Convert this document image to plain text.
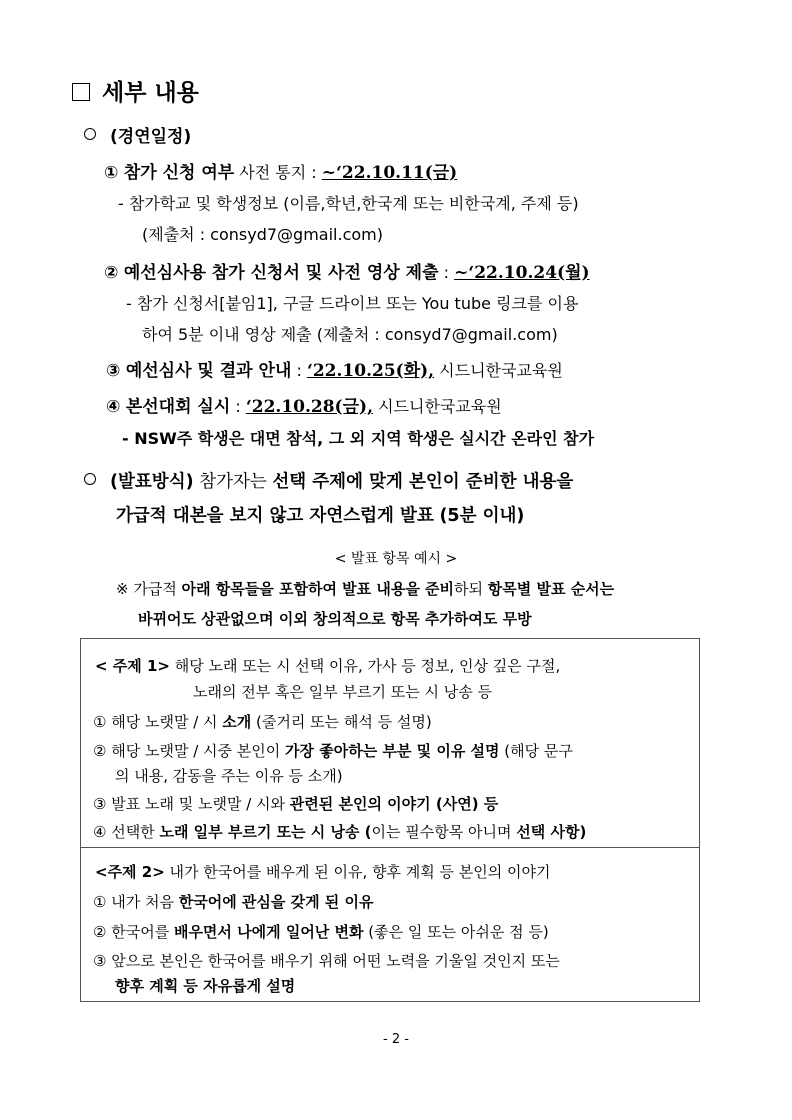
세부 내용
(경연일정)
① 참가 신청 여부 사전 통지 : ~‘22.10.11(금)
- 참가학교 및 학생정보 (이름,학년,한국계 또는 비한국계, 주제 등)
(제출처 : consyd7@gmail.com)
② 예선심사용 참가 신청서 및 사전 영상 제출 : ~‘22.10.24(월)
- 참가 신청서[붙임1], 구글 드라이브 또는 You tube 링크를 이용
하여 5분 이내 영상 제출 (제출처 : consyd7@gmail.com)
③ 예선심사 및 결과 안내 : ‘22.10.25(화), 시드니한국교육원
④ 본선대회 실시 : ‘22.10.28(금), 시드니한국교육원
- NSW주 학생은 대면 참석, 그 외 지역 학생은 실시간 온라인 참가
(발표방식) 참가자는 선택 주제에 맞게 본인이 준비한 내용을
가급적 대본을 보지 않고 자연스럽게 발표 (5분 이내)
< 발표 항목 예시 >
※ 가급적 아래 항목들을 포함하여 발표 내용을 준비하되 항목별 발표 순서는
바뀌어도 상관없으며 이외 창의적으로 항목 추가하여도 무방
< 주제 1> 해당 노래 또는 시 선택 이유, 가사 등 정보, 인상 깊은 구절,
노래의 전부 혹은 일부 부르기 또는 시 낭송 등
① 해당 노랫말 / 시 소개 (줄거리 또는 해석 등 설명)
② 해당 노랫말 / 시중 본인이 가장 좋아하는 부분 및 이유 설명 (해당 문구
의 내용, 감동을 주는 이유 등 소개)
③ 발표 노래 및 노랫말 / 시와 관련된 본인의 이야기 (사연) 등
④ 선택한 노래 일부 부르기 또는 시 낭송 (이는 필수항목 아니며 선택 사항)
<주제 2> 내가 한국어를 배우게 된 이유, 향후 계획 등 본인의 이야기
① 내가 처음 한국어에 관심을 갖게 된 이유
② 한국어를 배우면서 나에게 일어난 변화 (좋은 일 또는 아쉬운 점 등)
③ 앞으로 본인은 한국어를 배우기 위해 어떤 노력을 기울일 것인지 또는
향후 계획 등 자유롭게 설명
- 2 -
